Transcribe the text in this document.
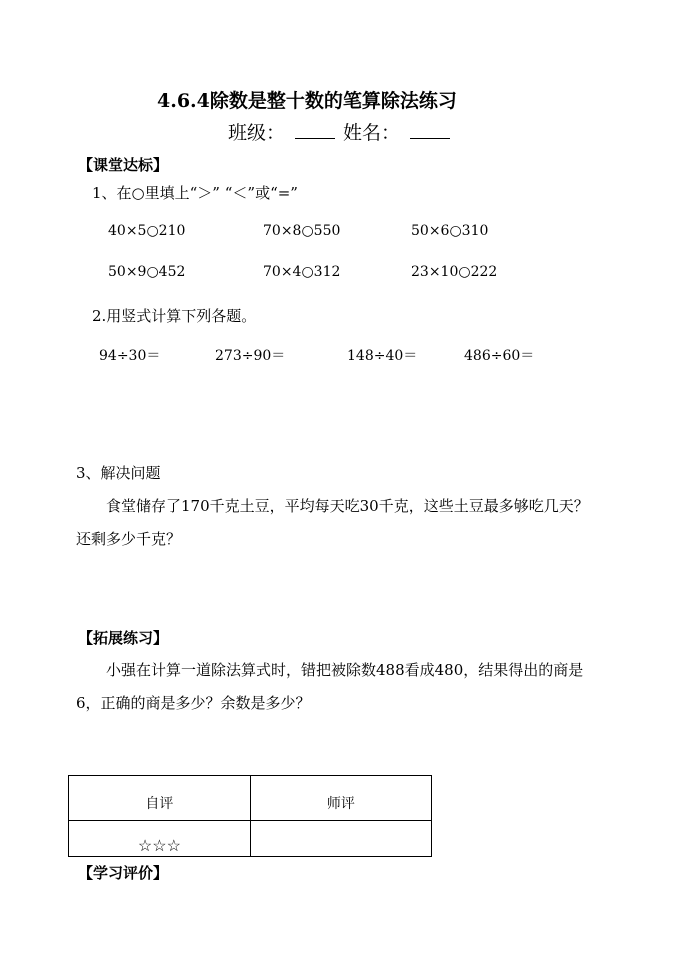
4.6.4除数是整十数的笔算除法练习
班级：	姓名：
【课堂达标】
1、在○里填上“＞” “＜”或“=”
40×5○210	70×8○550	50×6○310
50×9○452	70×4○312	23×10○222
2.用竖式计算下列各题。
94÷30＝	273÷90＝	148÷40＝	486÷60＝
3、解决问题
食堂储存了170千克土豆，平均每天吃30千克，这些土豆最多够吃几天？
还剩多少千克？
【拓展练习】
小强在计算一道除法算式时，错把被除数488看成480，结果得出的商是
6，正确的商是多少？余数是多少？
自评	师评
☆☆☆	
【学习评价】
